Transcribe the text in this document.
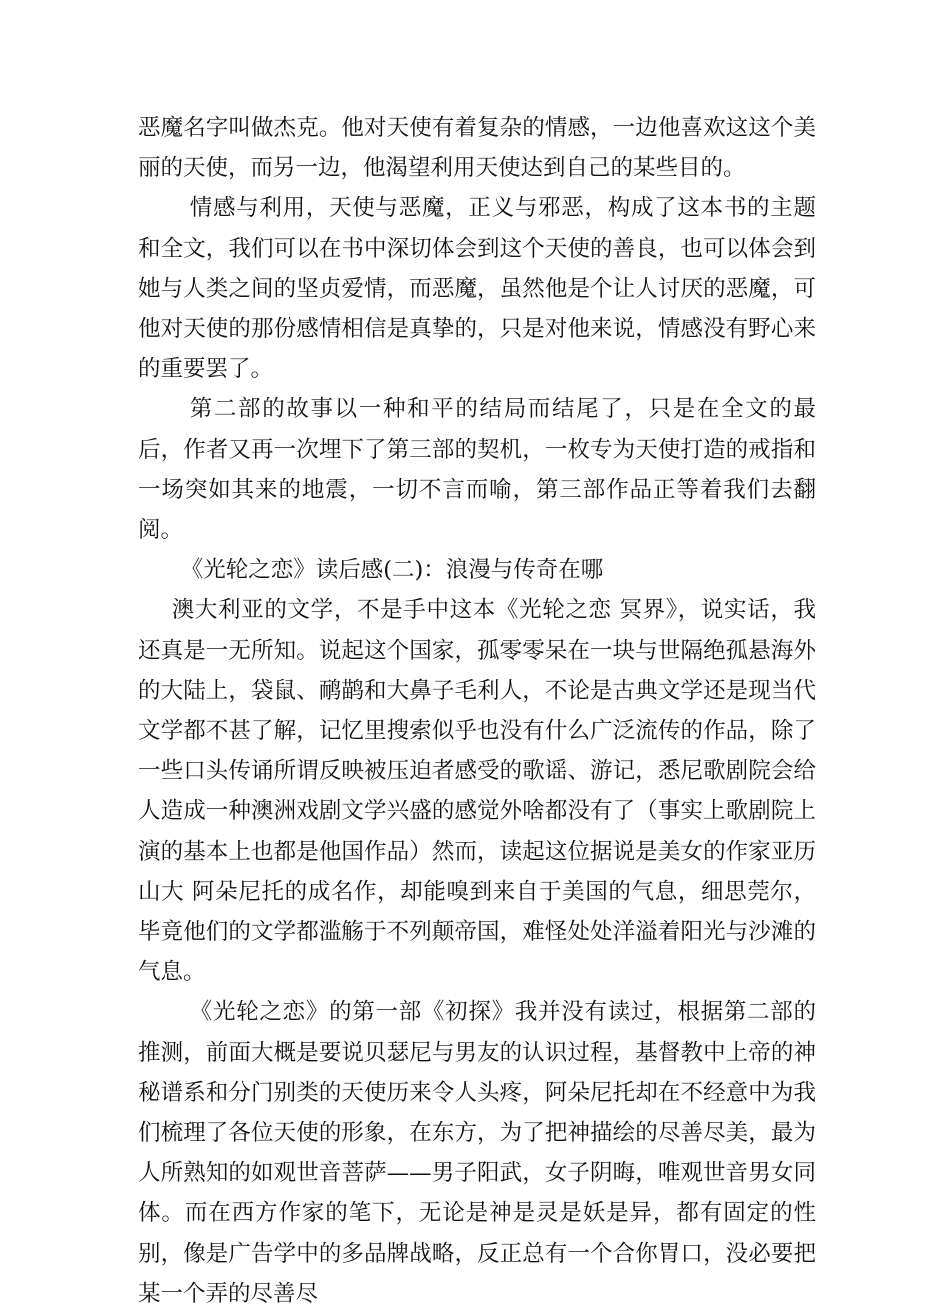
恶魔名字叫做杰克。他对天使有着复杂的情感，一边他喜欢这这个美丽的天使，而另一边，他渴望利用天使达到自己的某些目的。

情感与利用，天使与恶魔，正义与邪恶，构成了这本书的主题和全文，我们可以在书中深切体会到这个天使的善良，也可以体会到她与人类之间的坚贞爱情，而恶魔，虽然他是个让人讨厌的恶魔，可他对天使的那份感情相信是真挚的，只是对他来说，情感没有野心来的重要罢了。

第二部的故事以一种和平的结局而结尾了，只是在全文的最后，作者又再一次埋下了第三部的契机，一枚专为天使打造的戒指和一场突如其来的地震，一切不言而喻，第三部作品正等着我们去翻阅。

《光轮之恋》读后感(二)：浪漫与传奇在哪

澳大利亚的文学，不是手中这本《光轮之恋 冥界》，说实话，我还真是一无所知。说起这个国家，孤零零呆在一块与世隔绝孤悬海外的大陆上，袋鼠、鸸鹋和大鼻子毛利人，不论是古典文学还是现当代文学都不甚了解，记忆里搜索似乎也没有什么广泛流传的作品，除了一些口头传诵所谓反映被压迫者感受的歌谣、游记，悉尼歌剧院会给人造成一种澳洲戏剧文学兴盛的感觉外啥都没有了（事实上歌剧院上演的基本上也都是他国作品）然而，读起这位据说是美女的作家亚历山大 阿朵尼托的成名作，却能嗅到来自于美国的气息，细思莞尔，毕竟他们的文学都滥觞于不列颠帝国，难怪处处洋溢着阳光与沙滩的气息。

《光轮之恋》的第一部《初探》我并没有读过，根据第二部的推测，前面大概是要说贝瑟尼与男友的认识过程，基督教中上帝的神秘谱系和分门别类的天使历来令人头疼，阿朵尼托却在不经意中为我们梳理了各位天使的形象，在东方，为了把神描绘的尽善尽美，最为人所熟知的如观世音菩萨——男子阳武，女子阴晦，唯观世音男女同体。而在西方作家的笔下，无论是神是灵是妖是异，都有固定的性别，像是广告学中的多品牌战略，反正总有一个合你胃口，没必要把某一个弄的尽善尽
